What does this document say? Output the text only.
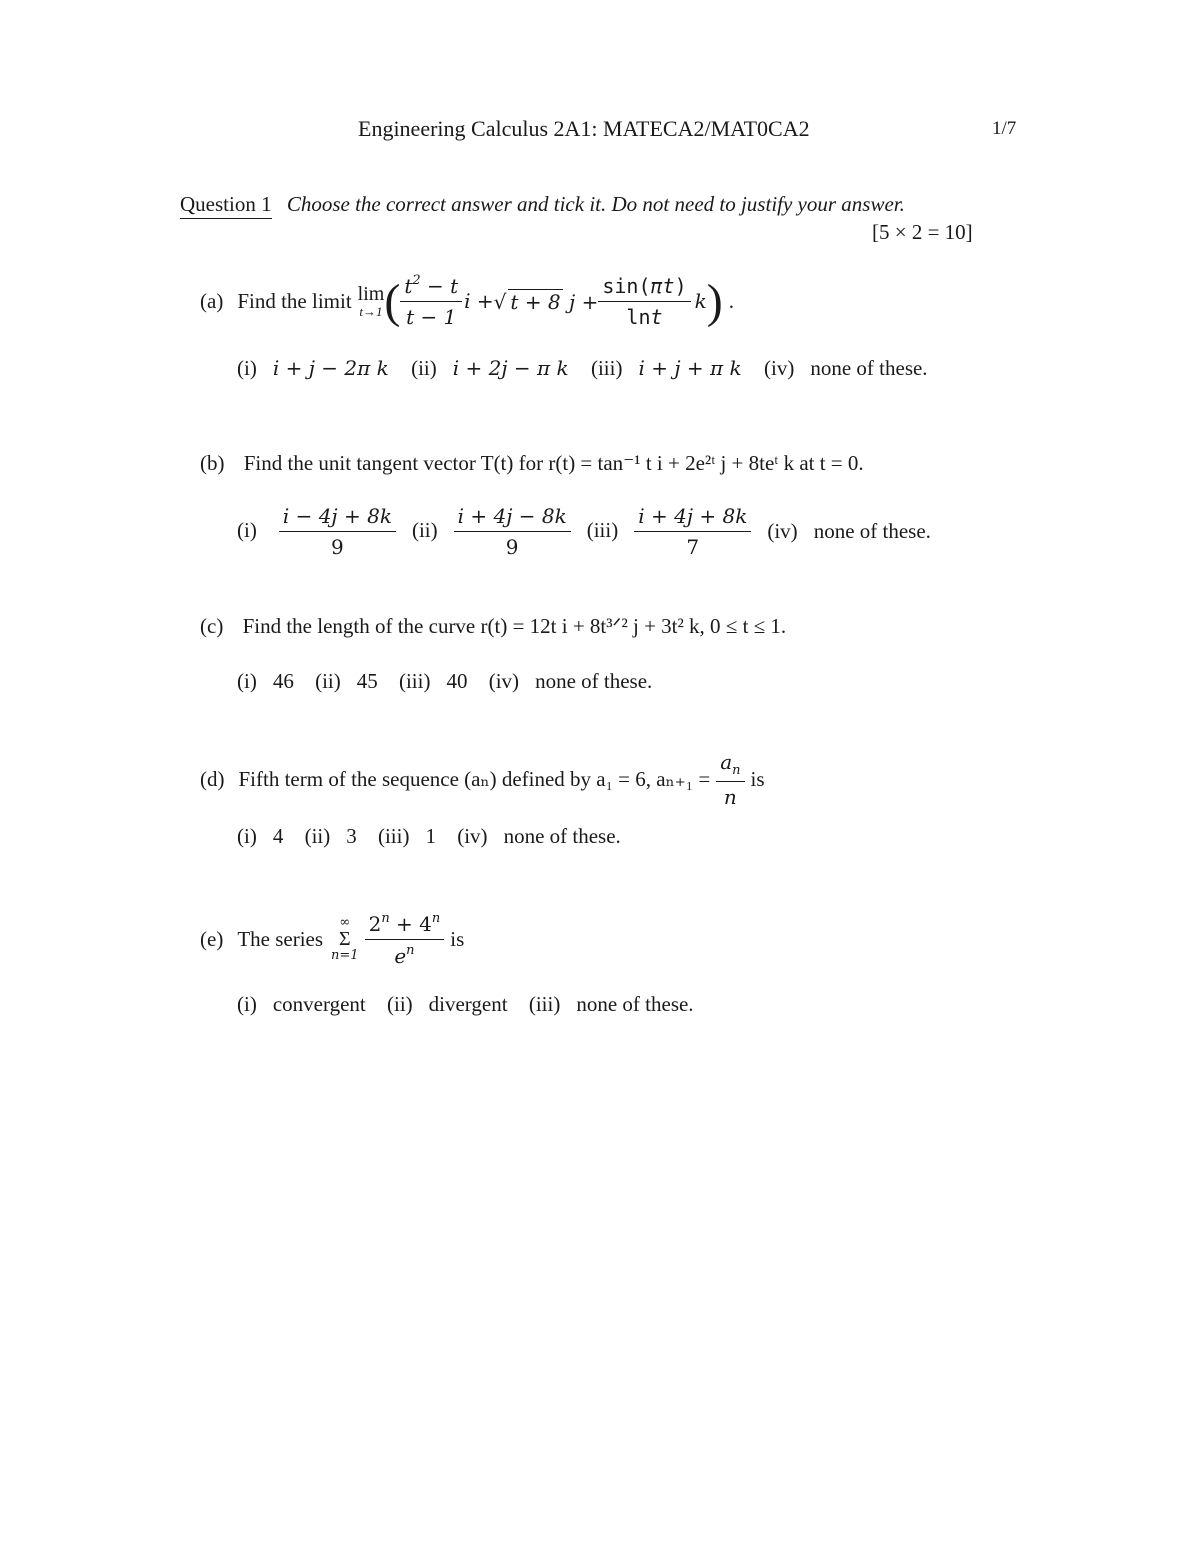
Engineering Calculus 2A1: MATECA2/MAT0CA2	1/7
Question 1 Choose the correct answer and tick it. Do not need to justify your answer.
[5 × 2 = 10]
(a) Find the limit lim
t→1 ( $\frac{t^2 - t}{t - 1}$ i + √ t + 8 $j + \frac{\sin(\pi t)}{\ln t}$ k ) .
(i) i + j − 2π k (ii) i + 2j − π k (iii) i + j + π k (iv) none of these.
(b) Find the unit tangent vector T(t) for r(t) = tan⁻¹ t i + 2e²ᵗ j + 8teᵗ k at t = 0.
$(i) \frac{i - 4j + 8k}{9} (ii) \frac{i + 4j - 8k}{9} (iii) \frac{i + 4j + 8k}{7} (iv)$ none of these.
(c) Find the length of the curve r(t) = 12t i + 8t³ᐟ² j + 3t² k, 0 ≤ t ≤ 1.
(i) 46 (ii) 45 (iii) 40 (iv) none of these.
(d) Fifth term of the sequence (aₙ) defined by a₁ = 6, $a_{n+1} = \frac{a_n}{n}$ is
(i) 4 (ii) 3 (iii) 1 (iv) none of these.
(e) The series
∞
Σ
$n=1 \frac{2^n + 4^n}{e^n}$ is
(i) convergent (ii) divergent (iii) none of these.
